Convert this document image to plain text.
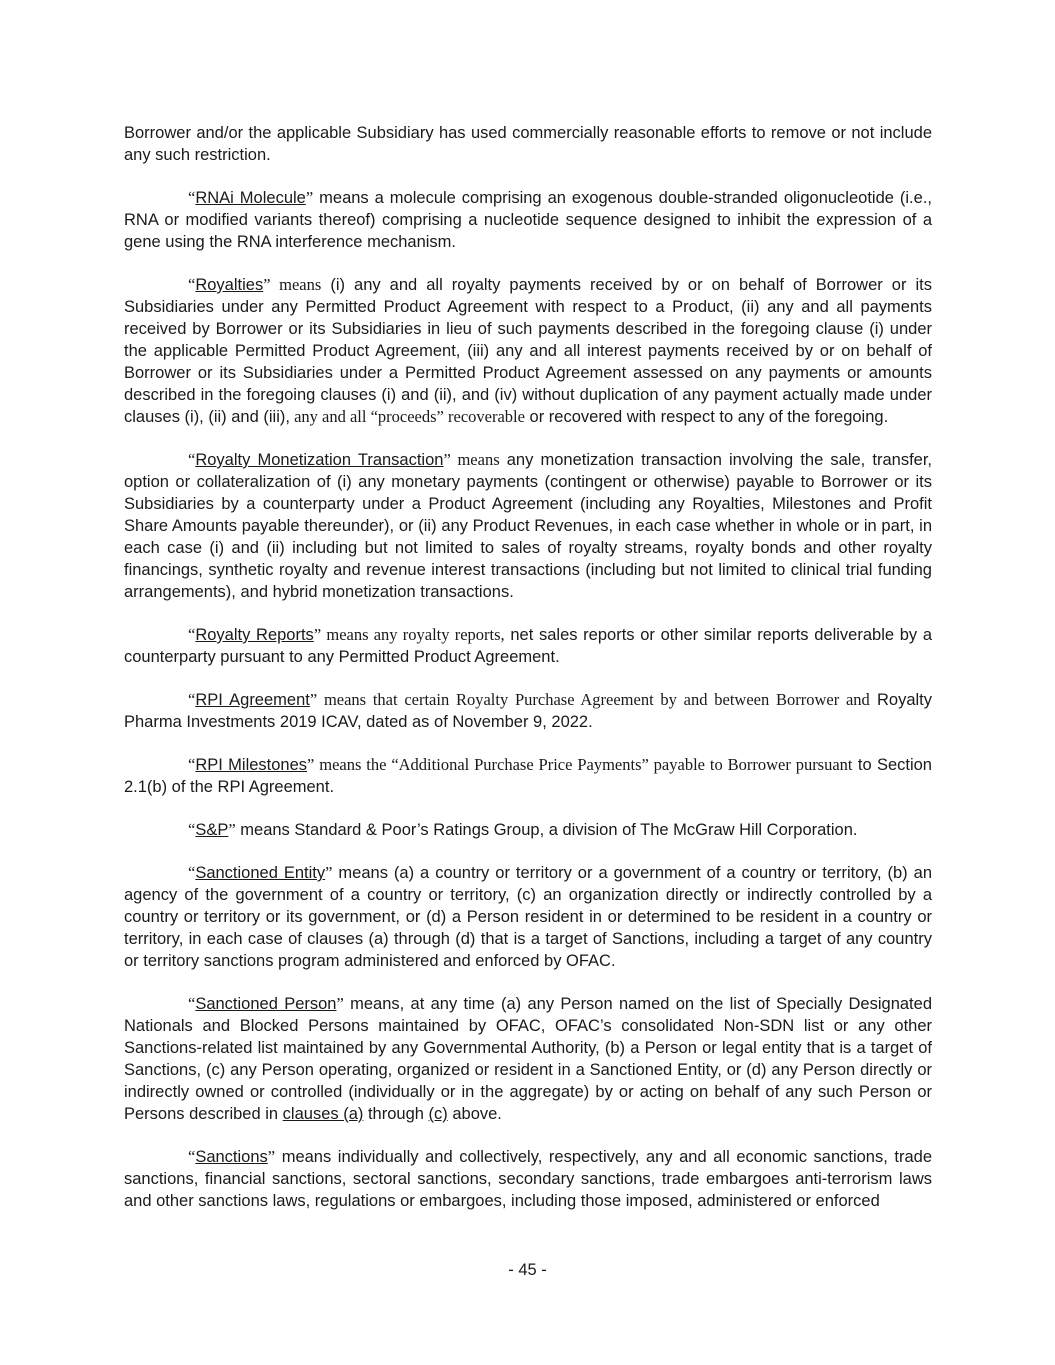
Borrower and/or the applicable Subsidiary has used commercially reasonable efforts to remove or not include any such restriction.

“RNAi Molecule” means a molecule comprising an exogenous double-stranded oligonucleotide (i.e., RNA or modified variants thereof) comprising a nucleotide sequence designed to inhibit the expression of a gene using the RNA interference mechanism.

“Royalties” means (i) any and all royalty payments received by or on behalf of Borrower or its Subsidiaries under any Permitted Product Agreement with respect to a Product, (ii) any and all payments received by Borrower or its Subsidiaries in lieu of such payments described in the foregoing clause (i) under the applicable Permitted Product Agreement, (iii) any and all interest payments received by or on behalf of Borrower or its Subsidiaries under a Permitted Product Agreement assessed on any payments or amounts described in the foregoing clauses (i) and (ii), and (iv) without duplication of any payment actually made under clauses (i), (ii) and (iii), any and all “proceeds” recoverable or recovered with respect to any of the foregoing.

“Royalty Monetization Transaction” means any monetization transaction involving the sale, transfer, option or collateralization of (i) any monetary payments (contingent or otherwise) payable to Borrower or its Subsidiaries by a counterparty under a Product Agreement (including any Royalties, Milestones and Profit Share Amounts payable thereunder), or (ii) any Product Revenues, in each case whether in whole or in part, in each case (i) and (ii) including but not limited to sales of royalty streams, royalty bonds and other royalty financings, synthetic royalty and revenue interest transactions (including but not limited to clinical trial funding arrangements), and hybrid monetization transactions.

“Royalty Reports” means any royalty reports, net sales reports or other similar reports deliverable by a counterparty pursuant to any Permitted Product Agreement.

“RPI Agreement” means that certain Royalty Purchase Agreement by and between Borrower and Royalty Pharma Investments 2019 ICAV, dated as of November 9, 2022.

“RPI Milestones” means the “Additional Purchase Price Payments” payable to Borrower pursuant to Section 2.1(b) of the RPI Agreement.

“S&P” means Standard & Poor’s Ratings Group, a division of The McGraw Hill Corporation.

“Sanctioned Entity” means (a) a country or territory or a government of a country or territory, (b) an agency of the government of a country or territory, (c) an organization directly or indirectly controlled by a country or territory or its government, or (d) a Person resident in or determined to be resident in a country or territory, in each case of clauses (a) through (d) that is a target of Sanctions, including a target of any country or territory sanctions program administered and enforced by OFAC.

“Sanctioned Person” means, at any time (a) any Person named on the list of Specially Designated Nationals and Blocked Persons maintained by OFAC, OFAC’s consolidated Non-SDN list or any other Sanctions-related list maintained by any Governmental Authority, (b) a Person or legal entity that is a target of Sanctions, (c) any Person operating, organized or resident in a Sanctioned Entity, or (d) any Person directly or indirectly owned or controlled (individually or in the aggregate) by or acting on behalf of any such Person or Persons described in clauses (a) through (c) above.

“Sanctions” means individually and collectively, respectively, any and all economic sanctions, trade sanctions, financial sanctions, sectoral sanctions, secondary sanctions, trade embargoes anti-terrorism laws and other sanctions laws, regulations or embargoes, including those imposed, administered or enforced

- 45 -
